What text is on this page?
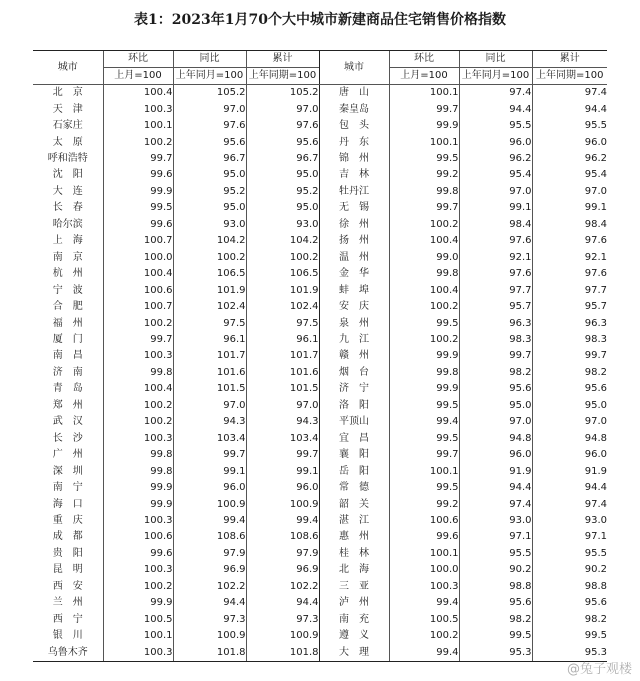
表1：2023年1月70个大中城市新建商品住宅销售价格指数
城市	环比	同比	累计	城市	环比	同比	累计
	上月=100	上年同月=100	上年同期=100		上月=100	上年同月=100	上年同期=100
北　京	100.4	105.2	105.2	唐　山	100.1	97.4	97.4
天　津	100.3	97.0	97.0	秦皇岛	99.7	94.4	94.4
石家庄	100.1	97.6	97.6	包　头	99.9	95.5	95.5
太　原	100.2	95.6	95.6	丹　东	100.1	96.0	96.0
呼和浩特	99.7	96.7	96.7	锦　州	99.5	96.2	96.2
沈　阳	99.6	95.0	95.0	吉　林	99.2	95.4	95.4
大　连	99.9	95.2	95.2	牡丹江	99.8	97.0	97.0
长　春	99.5	95.0	95.0	无　锡	99.7	99.1	99.1
哈尔滨	99.6	93.0	93.0	徐　州	100.2	98.4	98.4
上　海	100.7	104.2	104.2	扬　州	100.4	97.6	97.6
南　京	100.0	100.2	100.2	温　州	99.0	92.1	92.1
杭　州	100.4	106.5	106.5	金　华	99.8	97.6	97.6
宁　波	100.6	101.9	101.9	蚌　埠	100.4	97.7	97.7
合　肥	100.7	102.4	102.4	安　庆	100.2	95.7	95.7
福　州	100.2	97.5	97.5	泉　州	99.5	96.3	96.3
厦　门	99.7	96.1	96.1	九　江	100.2	98.3	98.3
南　昌	100.3	101.7	101.7	赣　州	99.9	99.7	99.7
济　南	99.8	101.6	101.6	烟　台	99.8	98.2	98.2
青　岛	100.4	101.5	101.5	济　宁	99.9	95.6	95.6
郑　州	100.2	97.0	97.0	洛　阳	99.5	95.0	95.0
武　汉	100.2	94.3	94.3	平顶山	99.4	97.0	97.0
长　沙	100.3	103.4	103.4	宜　昌	99.5	94.8	94.8
广　州	99.8	99.7	99.7	襄　阳	99.7	96.0	96.0
深　圳	99.8	99.1	99.1	岳　阳	100.1	91.9	91.9
南　宁	99.9	96.0	96.0	常　德	99.5	94.4	94.4
海　口	99.9	100.9	100.9	韶　关	99.2	97.4	97.4
重　庆	100.3	99.4	99.4	湛　江	100.6	93.0	93.0
成　都	100.6	108.6	108.6	惠　州	99.6	97.1	97.1
贵　阳	99.6	97.9	97.9	桂　林	100.1	95.5	95.5
昆　明	100.3	96.9	96.9	北　海	100.0	90.2	90.2
西　安	100.2	102.2	102.2	三　亚	100.3	98.8	98.8
兰　州	99.9	94.4	94.4	泸　州	99.4	95.6	95.6
西　宁	100.5	97.3	97.3	南　充	100.5	98.2	98.2
银　川	100.1	100.9	100.9	遵　义	100.2	99.5	99.5
乌鲁木齐	100.3	101.8	101.8	大　理	99.4	95.3	95.3
@兔子观楼
